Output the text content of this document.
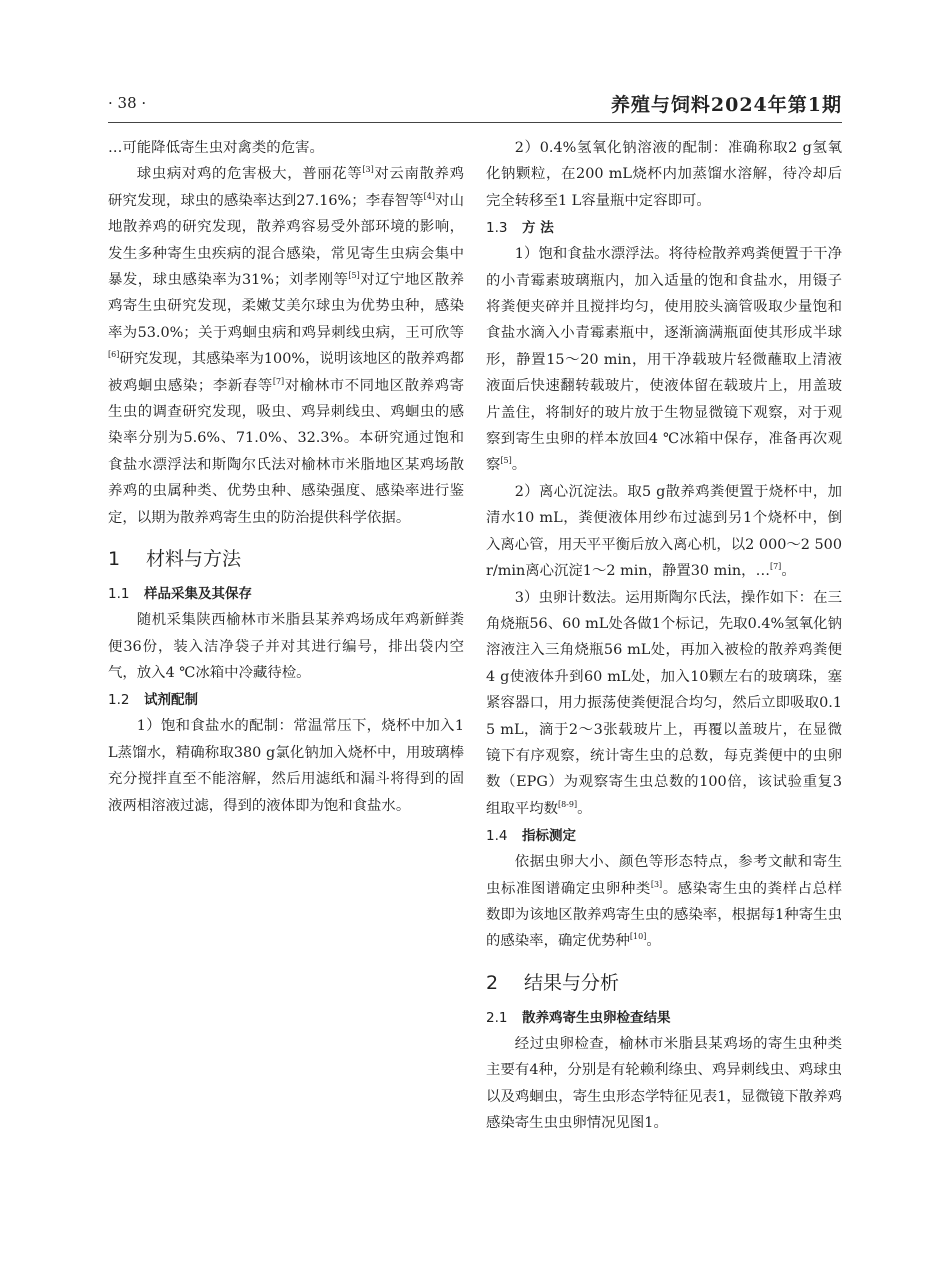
· 38 ·	养殖与饲料2024年第1期

…可能降低寄生虫对禽类的危害。

球虫病对鸡的危害极大，普丽花等[3]对云南散养鸡研究发现，球虫的感染率达到27.16%；李春智等[4]对山地散养鸡的研究发现，散养鸡容易受外部环境的影响，发生多种寄生虫疾病的混合感染，常见寄生虫病会集中暴发，球虫感染率为31%；刘孝刚等[5]对辽宁地区散养鸡寄生虫研究发现，柔嫩艾美尔球虫为优势虫种，感染率为53.0%；关于鸡蛔虫病和鸡异刺线虫病，王可欣等[6]研究发现，其感染率为100%，说明该地区的散养鸡都被鸡蛔虫感染；李新春等[7]对榆林市不同地区散养鸡寄生虫的调查研究发现，吸虫、鸡异刺线虫、鸡蛔虫的感染率分别为5.6%、71.0%、32.3%。本研究通过饱和食盐水漂浮法和斯陶尔氏法对榆林市米脂地区某鸡场散养鸡的虫属种类、优势虫种、感染强度、感染率进行鉴定，以期为散养鸡寄生虫的防治提供科学依据。

1 材料与方法
1.1 样品采集及其保存

随机采集陕西榆林市米脂县某养鸡场成年鸡新鲜粪便36份，装入洁净袋子并对其进行编号，排出袋内空气，放入4 ℃冰箱中冷藏待检。

1.2 试剂配制

1）饱和食盐水的配制：常温常压下，烧杯中加入1 L蒸馏水，精确称取380 g氯化钠加入烧杯中，用玻璃棒充分搅拌直至不能溶解，然后用滤纸和漏斗将得到的固液两相溶液过滤，得到的液体即为饱和食盐水。

2）0.4%氢氧化钠溶液的配制：准确称取2 g氢氧化钠颗粒，在200 mL烧杯内加蒸馏水溶解，待冷却后完全转移至1 L容量瓶中定容即可。

1.3 方 法

1）饱和食盐水漂浮法。将待检散养鸡粪便置于干净的小青霉素玻璃瓶内，加入适量的饱和食盐水，用镊子将粪便夹碎并且搅拌均匀，使用胶头滴管吸取少量饱和食盐水滴入小青霉素瓶中，逐渐滴满瓶面使其形成半球形，静置15～20 min，用干净载玻片轻微蘸取上清液液面后快速翻转载玻片，使液体留在载玻片上，用盖玻片盖住，将制好的玻片放于生物显微镜下观察，对于观察到寄生虫卵的样本放回4 ℃冰箱中保存，准备再次观察[5]。

2）离心沉淀法。取5 g散养鸡粪便置于烧杯中，加清水10 mL，粪便液体用纱布过滤到另1个烧杯中，倒入离心管，用天平平衡后放入离心机，以2 000～2 500 r/min离心沉淀1～2 min，静置30 min，…[7]。

3）虫卵计数法。运用斯陶尔氏法，操作如下：在三角烧瓶56、60 mL处各做1个标记，先取0.4%氢氧化钠溶液注入三角烧瓶56 mL处，再加入被检的散养鸡粪便4 g使液体升到60 mL处，加入10颗左右的玻璃珠，塞紧容器口，用力振荡使粪便混合均匀，然后立即吸取0.15 mL，滴于2～3张载玻片上，再覆以盖玻片，在显微镜下有序观察，统计寄生虫的总数，每克粪便中的虫卵数（EPG）为观察寄生虫总数的100倍，该试验重复3组取平均数[8-9]。

1.4 指标测定

依据虫卵大小、颜色等形态特点，参考文献和寄生虫标准图谱确定虫卵种类[3]。感染寄生虫的粪样占总样数即为该地区散养鸡寄生虫的感染率，根据每1种寄生虫的感染率，确定优势种[10]。

2 结果与分析
2.1 散养鸡寄生虫卵检查结果

经过虫卵检查，榆林市米脂县某鸡场的寄生虫种类主要有4种，分别是有轮赖利绦虫、鸡异刺线虫、鸡球虫以及鸡蛔虫，寄生虫形态学特征见表1，显微镜下散养鸡感染寄生虫虫卵情况见图1。
